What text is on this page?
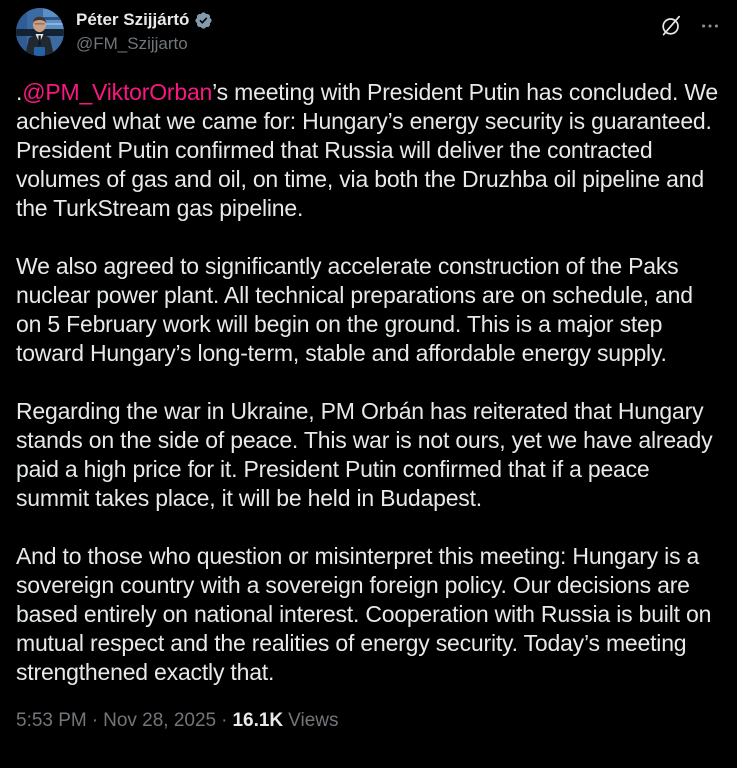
Péter Szijjártó
@FM_Szijjarto

.@PM_ViktorOrban’s meeting with President Putin has concluded. We achieved what we came for: Hungary’s energy security is guaranteed. President Putin confirmed that Russia will deliver the contracted volumes of gas and oil, on time, via both the Druzhba oil pipeline and the TurkStream gas pipeline.

We also agreed to significantly accelerate construction of the Paks nuclear power plant. All technical preparations are on schedule, and on 5 February work will begin on the ground. This is a major step toward Hungary’s long-term, stable and affordable energy supply.

Regarding the war in Ukraine, PM Orbán has reiterated that Hungary stands on the side of peace. This war is not ours, yet we have already paid a high price for it. President Putin confirmed that if a peace summit takes place, it will be held in Budapest.

And to those who question or misinterpret this meeting: Hungary is a sovereign country with a sovereign foreign policy. Our decisions are based entirely on national interest. Cooperation with Russia is built on mutual respect and the realities of energy security. Today’s meeting strengthened exactly that.

5:53 PM · Nov 28, 2025 · 16.1K Views
